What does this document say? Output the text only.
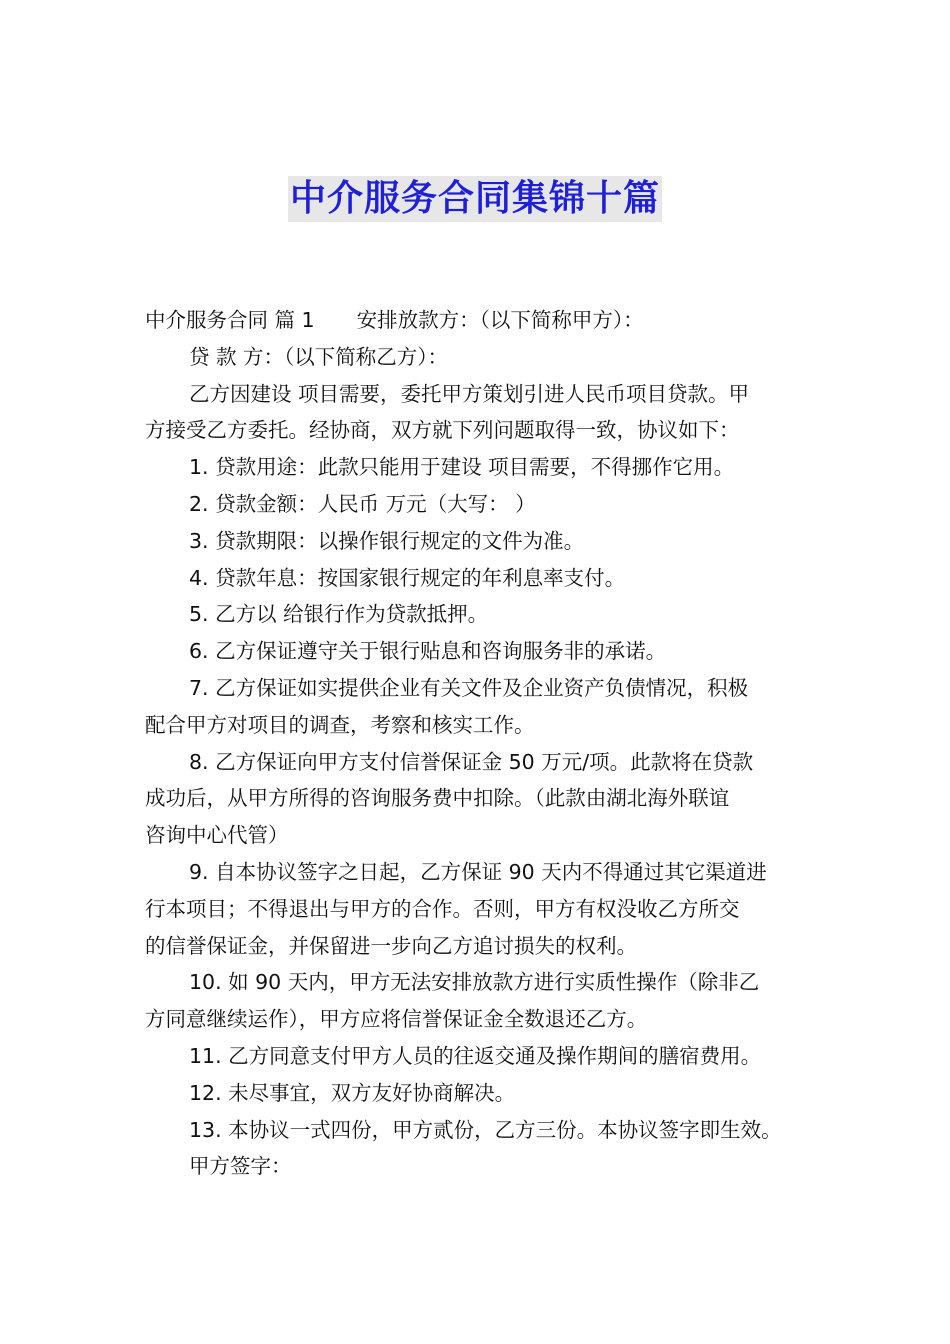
中介服务合同集锦十篇
中介服务合同 篇 1 安排放款方：（以下简称甲方）：
贷 款 方：（以下简称乙方）：
乙方因建设 项目需要，委托甲方策划引进人民币项目贷款。甲
方接受乙方委托。经协商，双方就下列问题取得一致，协议如下：
1. 贷款用途：此款只能用于建设 项目需要，不得挪作它用。
2. 贷款金额：人民币 万元（大写： ）
3. 贷款期限：以操作银行规定的文件为准。
4. 贷款年息：按国家银行规定的年利息率支付。
5. 乙方以 给银行作为贷款抵押。
6. 乙方保证遵守关于银行贴息和咨询服务非的承诺。
7. 乙方保证如实提供企业有关文件及企业资产负债情况，积极
配合甲方对项目的调查，考察和核实工作。
8. 乙方保证向甲方支付信誉保证金 50 万元/项。此款将在贷款
成功后，从甲方所得的咨询服务费中扣除。（此款由湖北海外联谊
咨询中心代管）
9. 自本协议签字之日起，乙方保证 90 天内不得通过其它渠道进
行本项目；不得退出与甲方的合作。否则，甲方有权没收乙方所交
的信誉保证金，并保留进一步向乙方追讨损失的权利。
10. 如 90 天内，甲方无法安排放款方进行实质性操作（除非乙
方同意继续运作），甲方应将信誉保证金全数退还乙方。
11. 乙方同意支付甲方人员的往返交通及操作期间的膳宿费用。
12. 未尽事宜，双方友好协商解决。
13. 本协议一式四份，甲方贰份，乙方三份。本协议签字即生效。
甲方签字：
